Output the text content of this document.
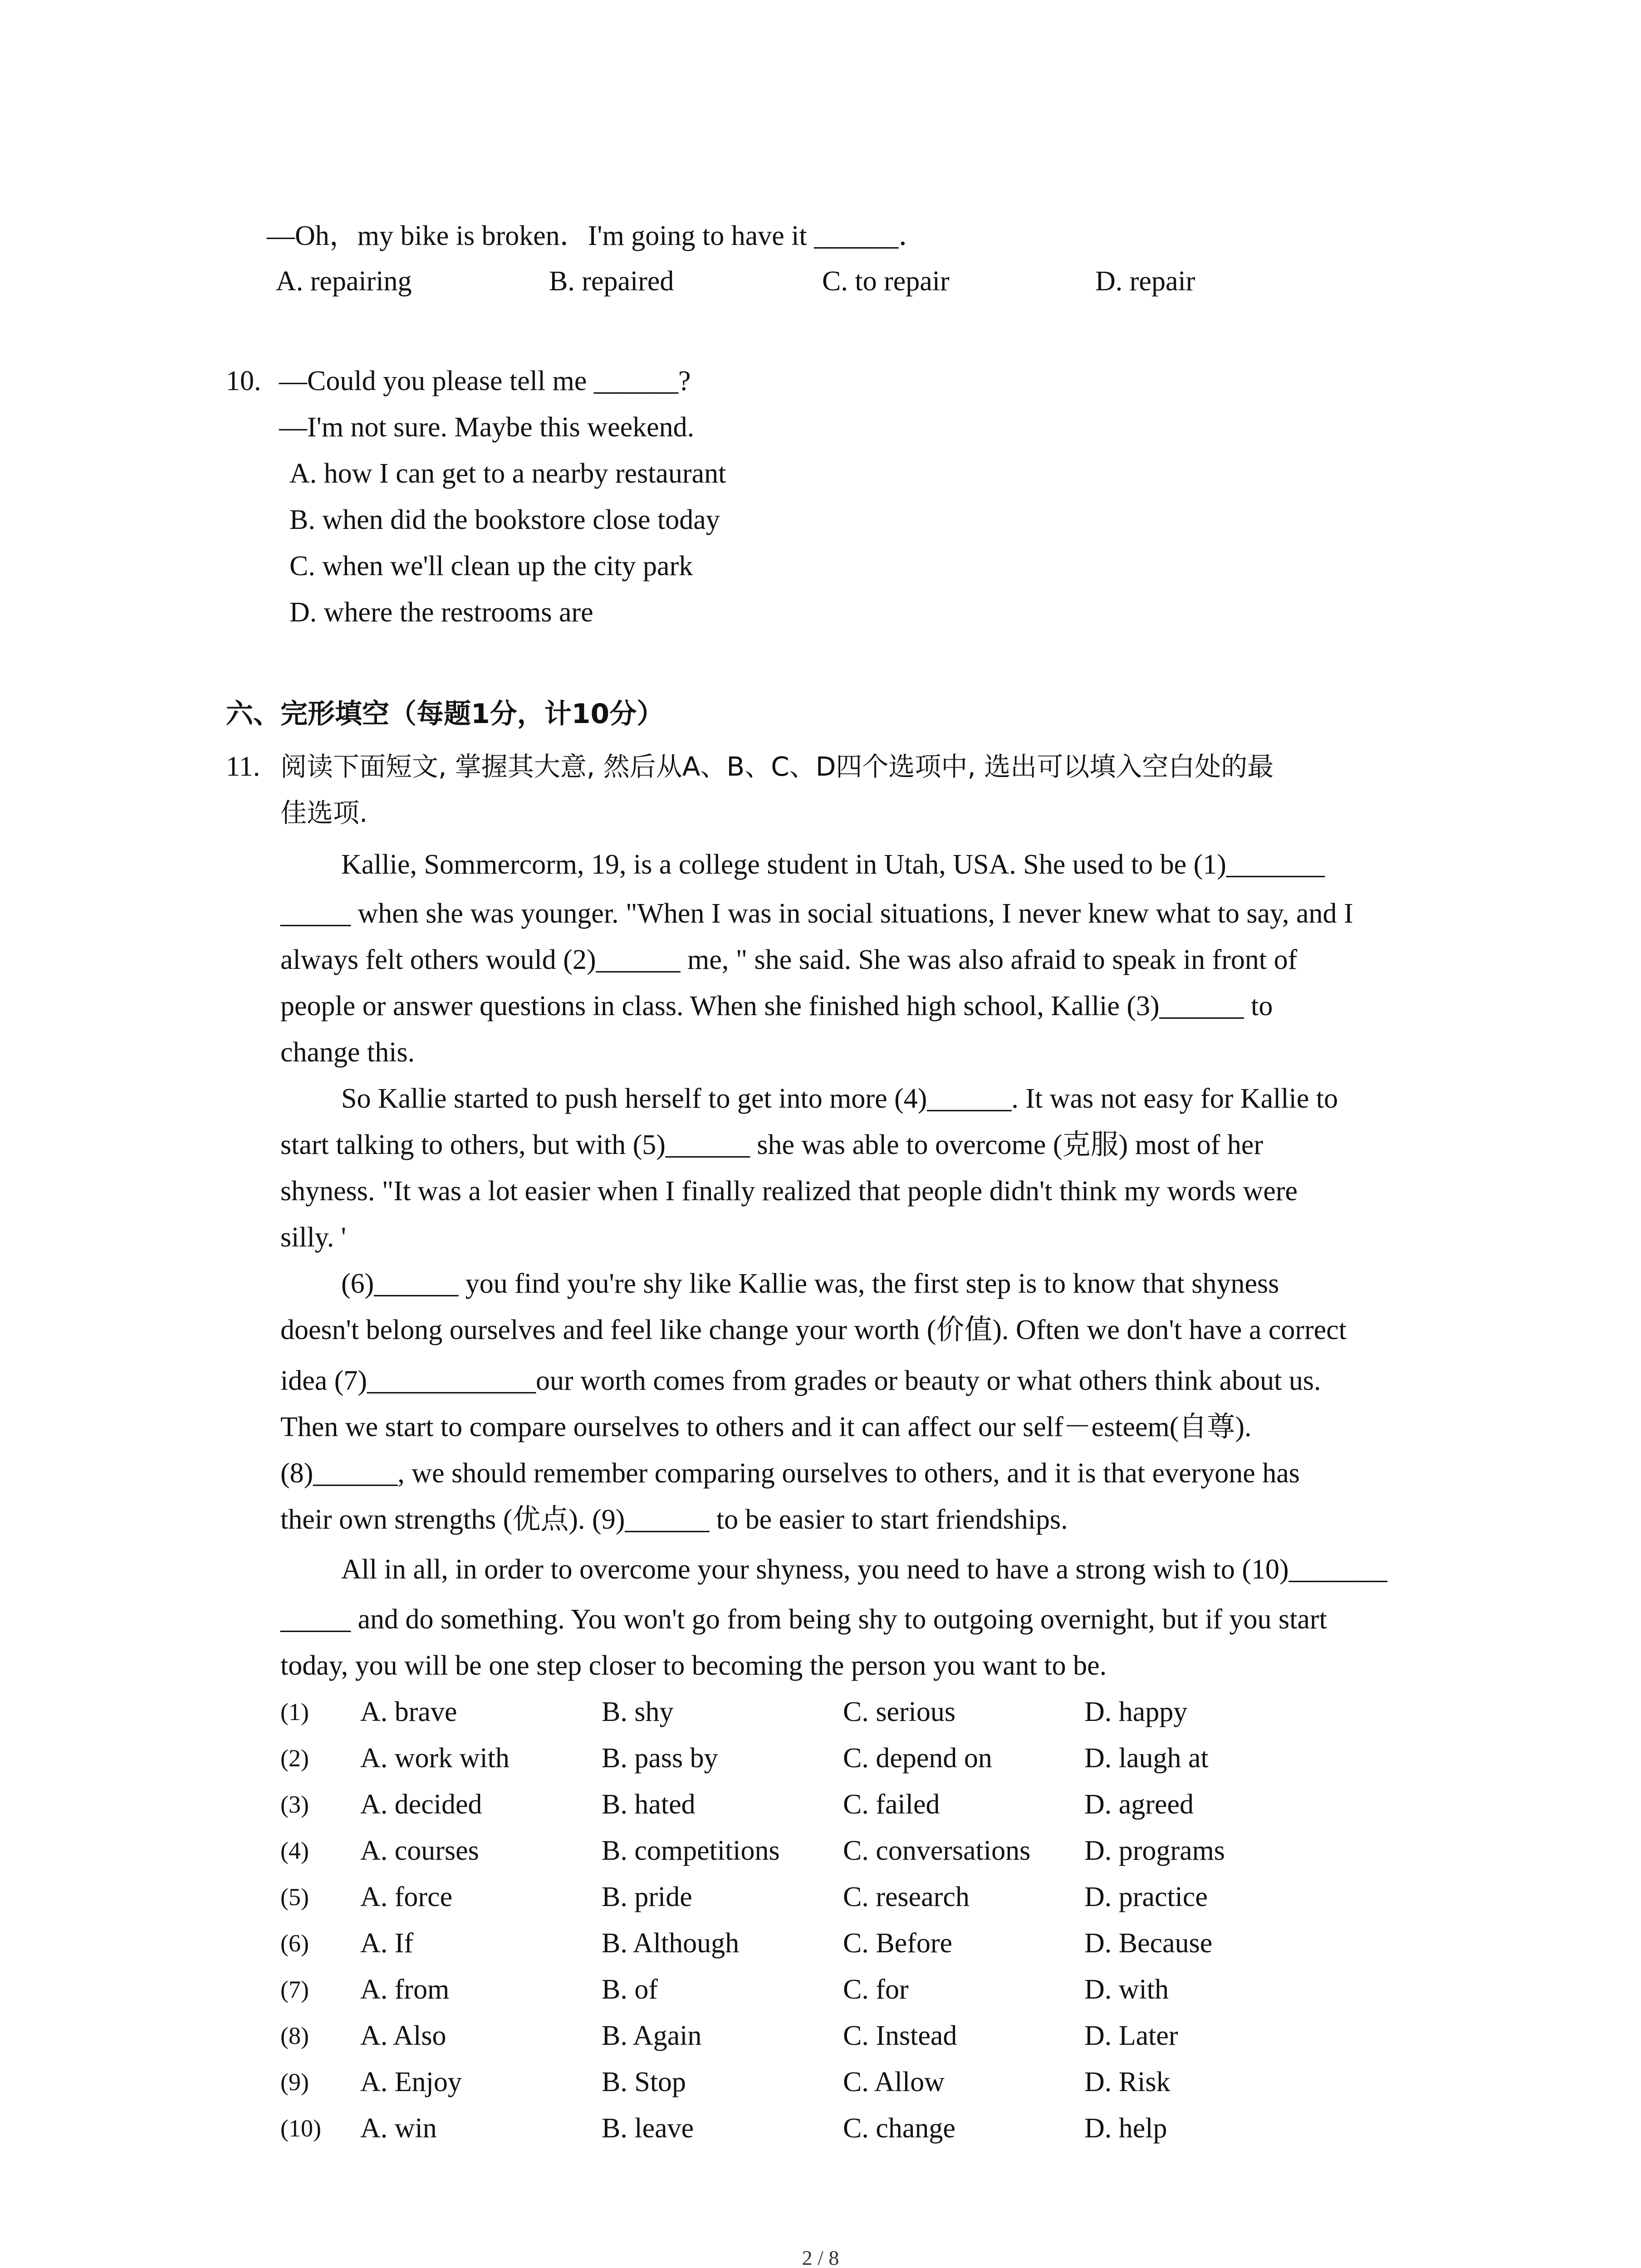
—Oh，my bike is broken．I'm going to have it ______．
A. repairing	B. repaired	C. to repair	D. repair
10. —Could you please tell me ______?
—I'm not sure. Maybe this weekend.
A. how I can get to a nearby restaurant
B. when did the bookstore close today
C. when we'll clean up the city park
D. where the restrooms are
六、完形填空（每题1分，计10分）
11. 阅读下面短文, 掌握其大意, 然后从A、B、C、D四个选项中, 选出可以填入空白处的最
佳选项.
Kallie, Sommercorm, 19, is a college student in Utah, USA. She used to be (1)_______
_____ when she was younger. "When I was in social situations, I never knew what to say, and I
always felt others would (2)______ me, " she said. She was also afraid to speak in front of
people or answer questions in class. When she finished high school, Kallie (3)______ to
change this.
So Kallie started to push herself to get into more (4)______. It was not easy for Kallie to
start talking to others, but with (5)______ she was able to overcome (克服) most of her
shyness. "It was a lot easier when I finally realized that people didn't think my words were
silly. '
(6)______ you find you're shy like Kallie was, the first step is to know that shyness
doesn't belong ourselves and feel like change your worth (价值). Often we don't have a correct
idea (7)____________our worth comes from grades or beauty or what others think about us.
Then we start to compare ourselves to others and it can affect our self－esteem(自尊).
(8)______, we should remember comparing ourselves to others, and it is that everyone has
their own strengths (优点). (9)______ to be easier to start friendships.
All in all, in order to overcome your shyness, you need to have a strong wish to (10)_______
_____ and do something. You won't go from being shy to outgoing overnight, but if you start
today, you will be one step closer to becoming the person you want to be.
(1) A. brave	B. shy	C. serious	D. happy
(2) A. work with	B. pass by	C. depend on	D. laugh at
(3) A. decided	B. hated	C. failed	D. agreed
(4) A. courses	B. competitions C. conversations D. programs
(5) A. force	B. pride	C. research	D. practice
(6) A. If	B. Although	C. Before	D. Because
(7) A. from	B. of	C. for	D. with
(8) A. Also	B. Again	C. Instead	D. Later
(9) A. Enjoy	B. Stop	C. Allow	D. Risk
(10) A. win	B. leave	C. change	D. help
2 / 8
